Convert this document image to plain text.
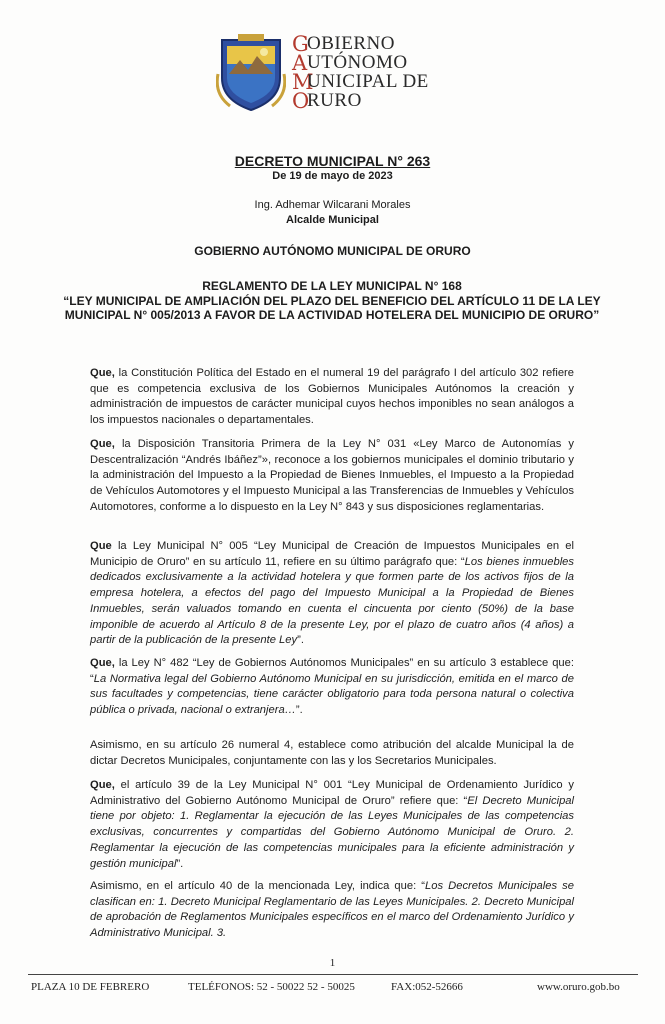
G
OBIERNO
A UTÓNOMO
M
UNICIPAL DE
O
RURO
DECRETO MUNICIPAL N° 263
De 19 de mayo de 2023
Ing. Adhemar Wilcarani Morales
Alcalde Municipal
GOBIERNO AUTÓNOMO MUNICIPAL DE ORURO
REGLAMENTO DE LA LEY MUNICIPAL N° 168
“LEY MUNICIPAL DE AMPLIACIÓN DEL PLAZO DEL BENEFICIO DEL ARTÍCULO 11 DE LA LEY MUNICIPAL N° 005/2013 A FAVOR DE LA ACTIVIDAD HOTELERA DEL MUNICIPIO DE ORURO”
Que, la Constitución Política del Estado en el numeral 19 del parágrafo I del artículo 302 refiere que es competencia exclusiva de los Gobiernos Municipales Autónomos la creación y administración de impuestos de carácter municipal cuyos hechos imponibles no sean análogos a los impuestos nacionales o departamentales.
Que, la Disposición Transitoria Primera de la Ley N° 031 «Ley Marco de Autonomías y Descentralización “Andrés Ibáñez”», reconoce a los gobiernos municipales el dominio tributario y la administración del Impuesto a la Propiedad de Bienes Inmuebles, el Impuesto a la Propiedad de Vehículos Automotores y el Impuesto Municipal a las Transferencias de Inmuebles y Vehículos Automotores, conforme a lo dispuesto en la Ley N° 843 y sus disposiciones reglamentarias.
Que la Ley Municipal N° 005 “Ley Municipal de Creación de Impuestos Municipales en el Municipio de Oruro” en su artículo 11, refiere en su último parágrafo que: “Los bienes inmuebles dedicados exclusivamente a la actividad hotelera y que formen parte de los activos fijos de la empresa hotelera, a efectos del pago del Impuesto Municipal a la Propiedad de Bienes Inmuebles, serán valuados tomando en cuenta el cincuenta por ciento (50%) de la base imponible de acuerdo al Artículo 8 de la presente Ley, por el plazo de cuatro años (4 años) a partir de la publicación de la presente Ley”.
Que, la Ley N° 482 “Ley de Gobiernos Autónomos Municipales” en su artículo 3 establece que: “La Normativa legal del Gobierno Autónomo Municipal en su jurisdicción, emitida en el marco de sus facultades y competencias, tiene carácter obligatorio para toda persona natural o colectiva pública o privada, nacional o extranjera…”.
Asimismo, en su artículo 26 numeral 4, establece como atribución del alcalde Municipal la de dictar Decretos Municipales, conjuntamente con las y los Secretarios Municipales.
Que, el artículo 39 de la Ley Municipal N° 001 “Ley Municipal de Ordenamiento Jurídico y Administrativo del Gobierno Autónomo Municipal de Oruro” refiere que: “El Decreto Municipal tiene por objeto: 1. Reglamentar la ejecución de las Leyes Municipales de las competencias exclusivas, concurrentes y compartidas del Gobierno Autónomo Municipal de Oruro. 2. Reglamentar la ejecución de las competencias municipales para la eficiente administración y gestión municipal”.
Asimismo, en el artículo 40 de la mencionada Ley, indica que: “Los Decretos Municipales se clasifican en: 1. Decreto Municipal Reglamentario de las Leyes Municipales. 2. Decreto Municipal de aprobación de Reglamentos Municipales específicos en el marco del Ordenamiento Jurídico y Administrativo Municipal. 3.
1
PLAZA 10 DE FEBRERO	TELÉFONOS: 52 - 50022 52 - 50025	FAX:052-52666	www.oruro.gob.bo
